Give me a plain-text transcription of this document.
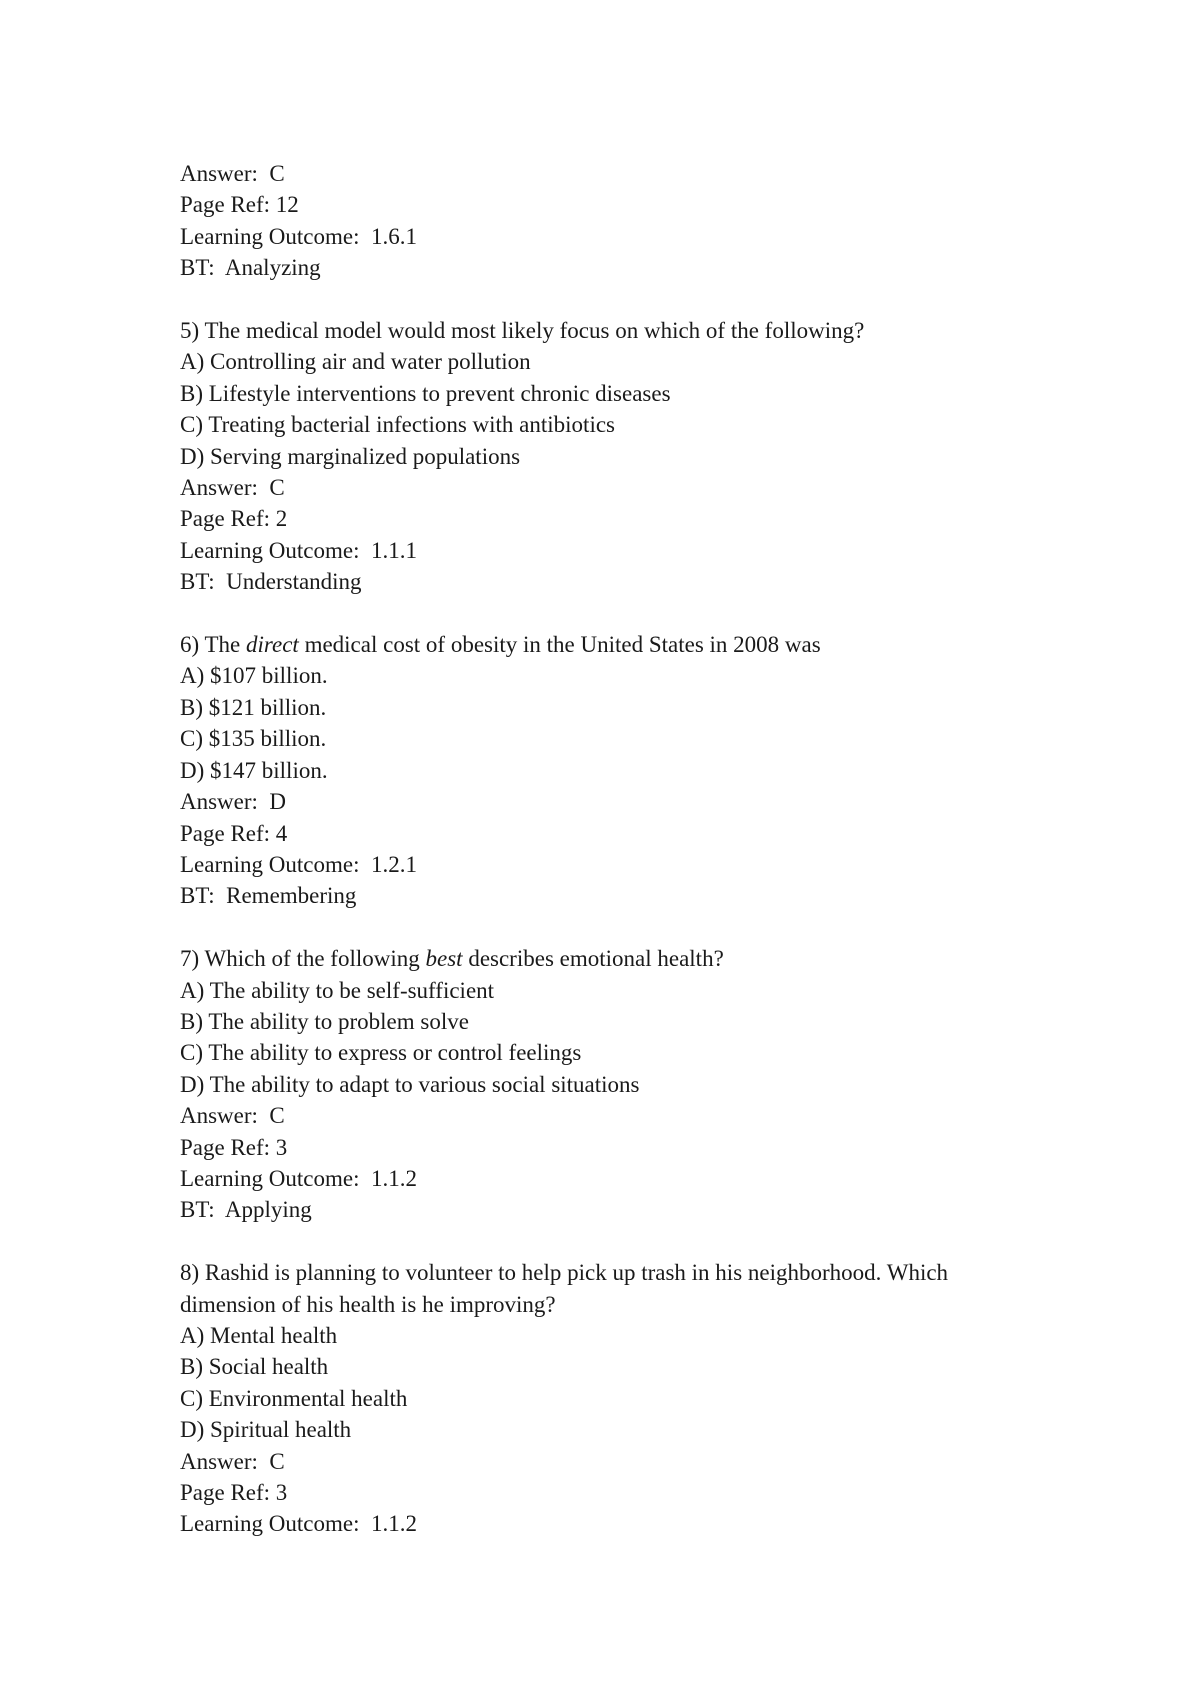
Answer:  C
Page Ref: 12
Learning Outcome:  1.6.1
BT:  Analyzing
5) The medical model would most likely focus on which of the following?
A) Controlling air and water pollution
B) Lifestyle interventions to prevent chronic diseases
C) Treating bacterial infections with antibiotics
D) Serving marginalized populations
Answer:  C
Page Ref: 2
Learning Outcome:  1.1.1
BT:  Understanding
6) The direct medical cost of obesity in the United States in 2008 was
A) $107 billion.
B) $121 billion.
C) $135 billion.
D) $147 billion.
Answer:  D
Page Ref: 4
Learning Outcome:  1.2.1
BT:  Remembering
7) Which of the following best describes emotional health?
A) The ability to be self-sufficient
B) The ability to problem solve
C) The ability to express or control feelings
D) The ability to adapt to various social situations
Answer:  C
Page Ref: 3
Learning Outcome:  1.1.2
BT:  Applying
8) Rashid is planning to volunteer to help pick up trash in his neighborhood. Which dimension of his health is he improving?
A) Mental health
B) Social health
C) Environmental health
D) Spiritual health
Answer:  C
Page Ref: 3
Learning Outcome:  1.1.2
